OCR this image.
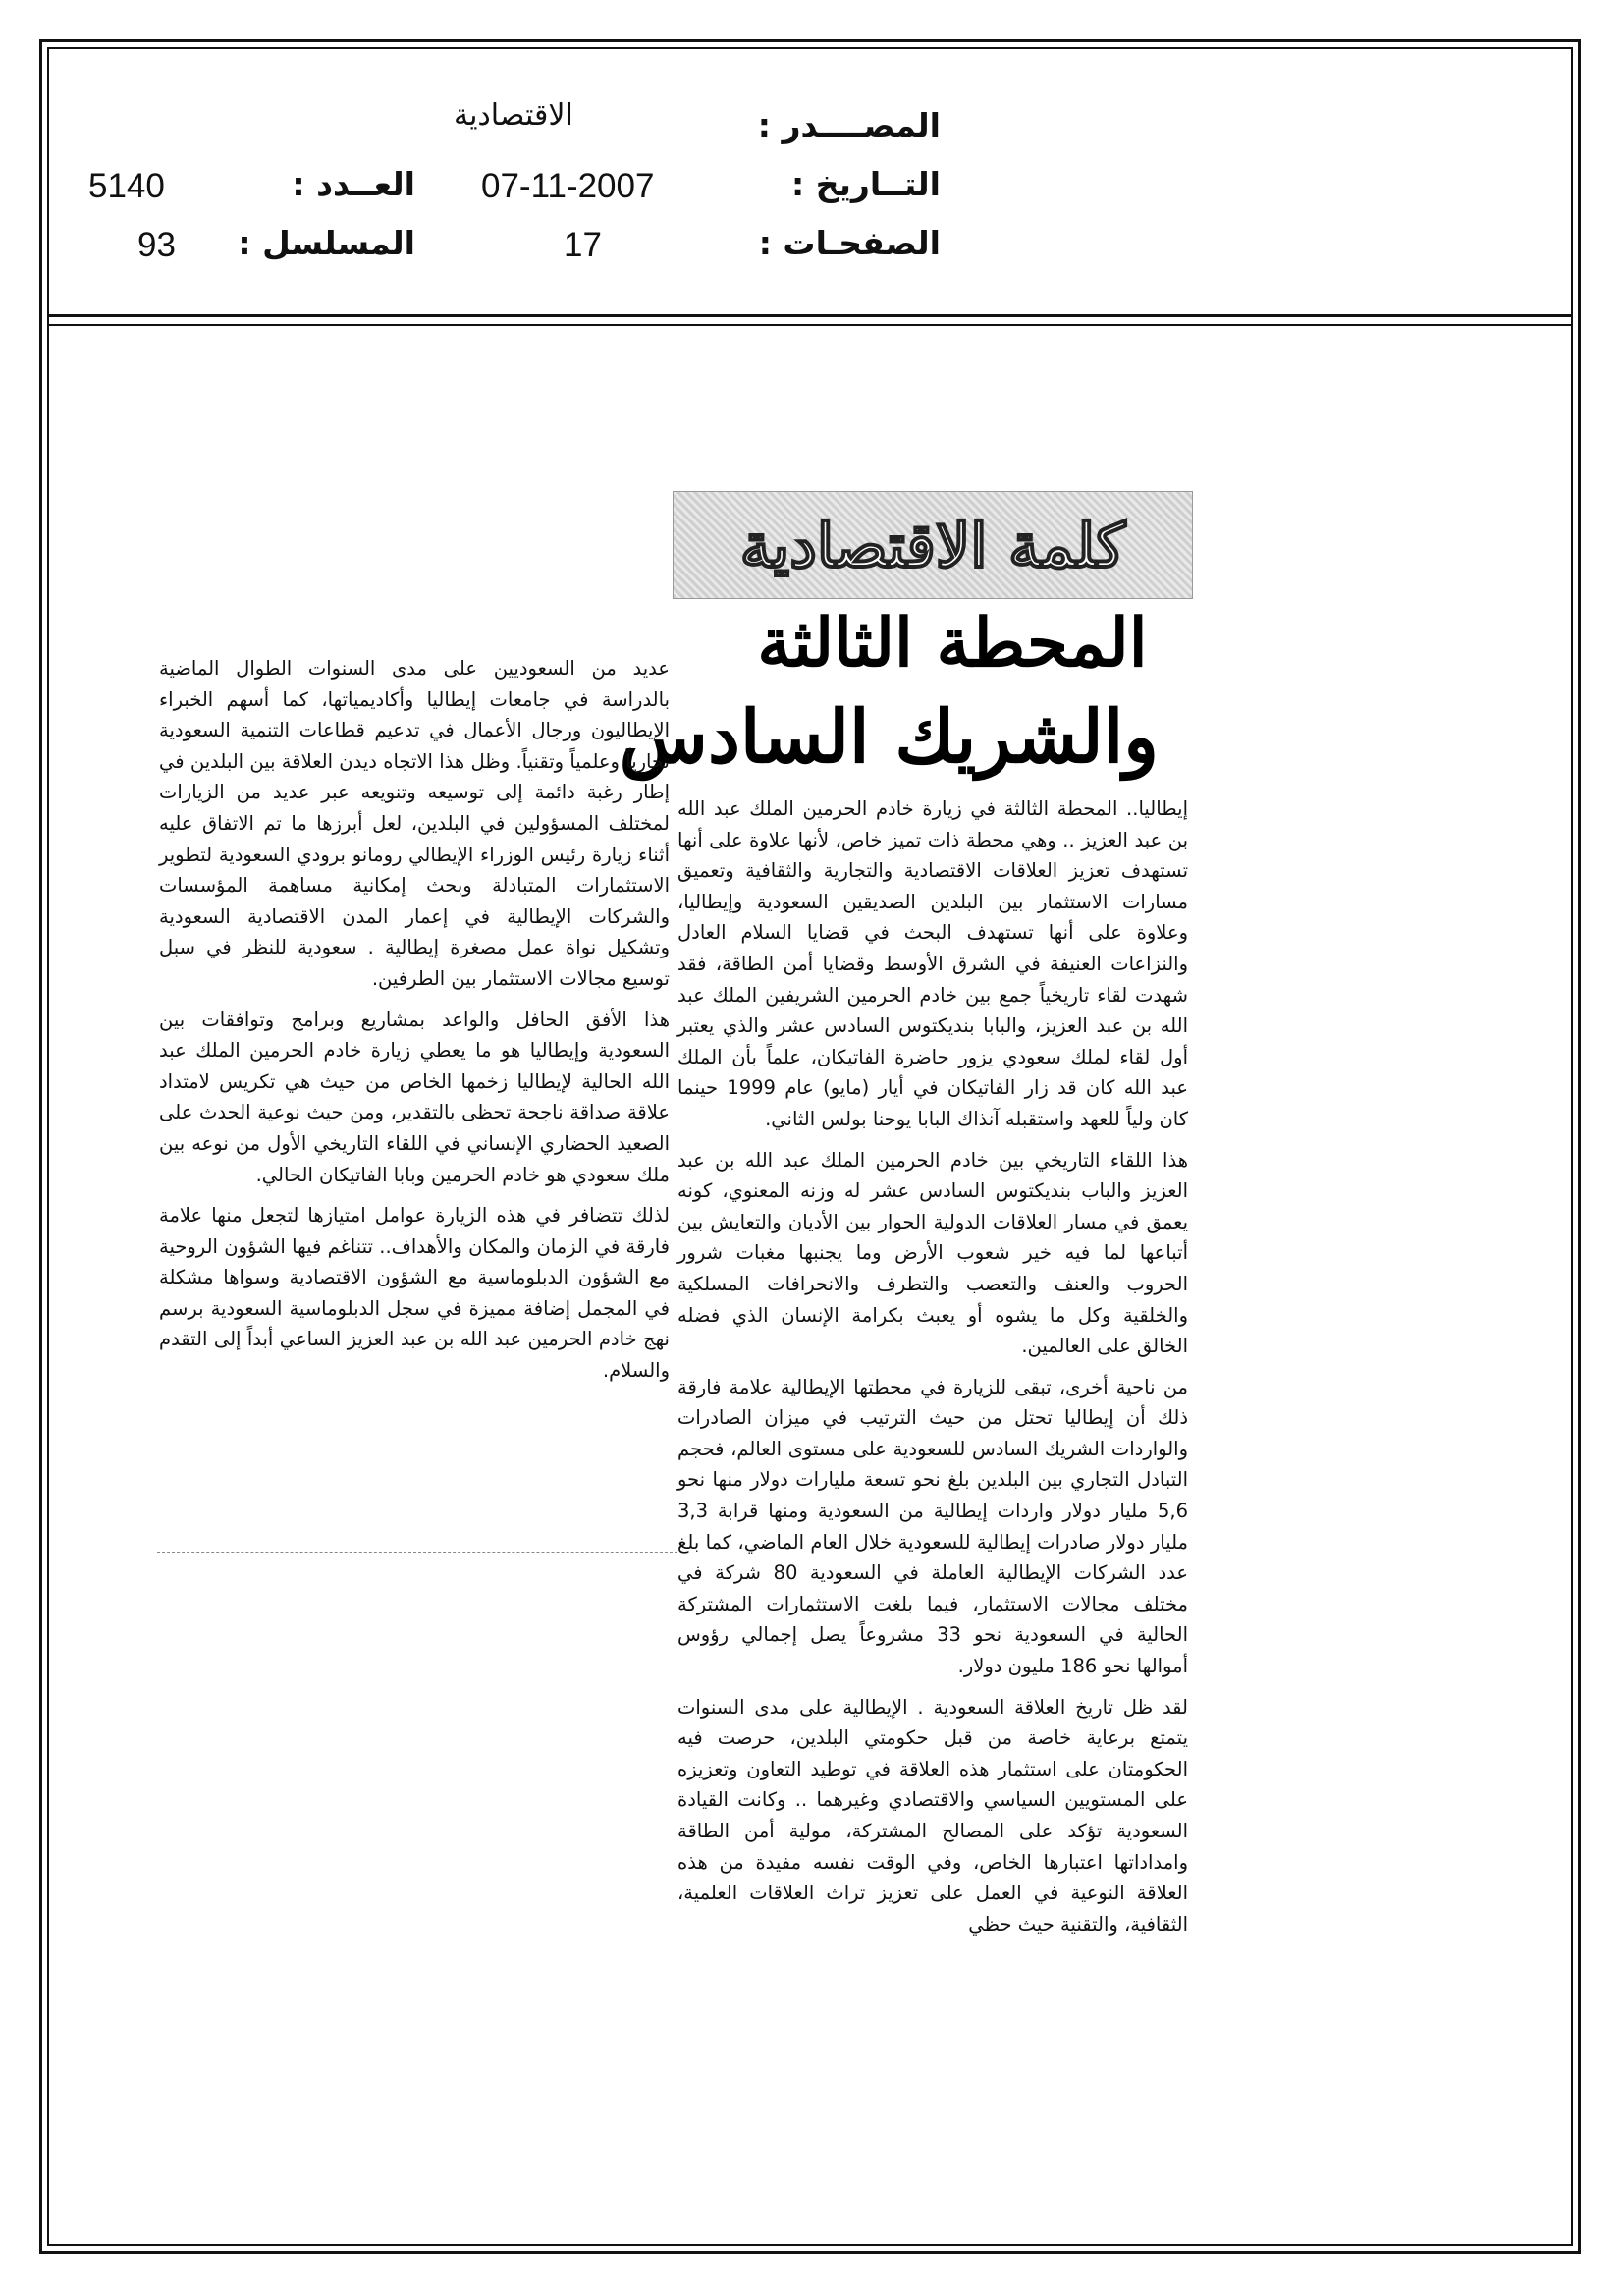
المصــــدر :
الاقتصادية
التــاريخ :
07-11-2007
العــدد :
5140
الصفحـات :
17
المسلسل :
93
كلمة الاقتصادية
المحطة الثالثة
والشريك السادس

إيطاليا.. المحطة الثالثة في زيارة خادم الحرمين الملك عبد الله بن عبد العزيز .. وهي محطة ذات تميز خاص، لأنها علاوة على أنها تستهدف تعزيز العلاقات الاقتصادية والتجارية والثقافية وتعميق مسارات الاستثمار بين البلدين الصديقين السعودية وإيطاليا، وعلاوة على أنها تستهدف البحث في قضايا السلام العادل والنزاعات العنيفة في الشرق الأوسط وقضايا أمن الطاقة، فقد شهدت لقاء تاريخياً جمع بين خادم الحرمين الشريفين الملك عبد الله بن عبد العزيز، والبابا بنديكتوس السادس عشر والذي يعتبر أول لقاء لملك سعودي يزور حاضرة الفاتيكان، علماً بأن الملك عبد الله كان قد زار الفاتيكان في أيار (مايو) عام 1999 حينما كان ولياً للعهد واستقبله آنذاك البابا يوحنا بولس الثاني.

هذا اللقاء التاريخي بين خادم الحرمين الملك عبد الله بن عبد العزيز والباب بنديكتوس السادس عشر له وزنه المعنوي، كونه يعمق في مسار العلاقات الدولية الحوار بين الأديان والتعايش بين أتباعها لما فيه خير شعوب الأرض وما يجنبها مغبات شرور الحروب والعنف والتعصب والتطرف والانحرافات المسلكية والخلقية وكل ما يشوه أو يعبث بكرامة الإنسان الذي فضله الخالق على العالمين.

من ناحية أخرى، تبقى للزيارة في محطتها الإيطالية علامة فارقة ذلك أن إيطاليا تحتل من حيث الترتيب في ميزان الصادرات والواردات الشريك السادس للسعودية على مستوى العالم، فحجم التبادل التجاري بين البلدين بلغ نحو تسعة مليارات دولار منها نحو 5,6 مليار دولار واردات إيطالية من السعودية ومنها قرابة 3,3 مليار دولار صادرات إيطالية للسعودية خلال العام الماضي، كما بلغ عدد الشركات الإيطالية العاملة في السعودية 80 شركة في مختلف مجالات الاستثمار، فيما بلغت الاستثمارات المشتركة الحالية في السعودية نحو 33 مشروعاً يصل إجمالي رؤوس أموالها نحو 186 مليون دولار.

لقد ظل تاريخ العلاقة السعودية . الإيطالية على مدى السنوات يتمتع برعاية خاصة من قبل حكومتي البلدين، حرصت فيه الحكومتان على استثمار هذه العلاقة في توطيد التعاون وتعزيزه على المستويين السياسي والاقتصادي وغيرهما .. وكانت القيادة السعودية تؤكد على المصالح المشتركة، مولية أمن الطاقة وامداداتها اعتبارها الخاص، وفي الوقت نفسه مفيدة من هذه العلاقة النوعية في العمل على تعزيز تراث العلاقات العلمية، الثقافية، والتقنية حيث حظي

عديد من السعوديين على مدى السنوات الطوال الماضية بالدراسة في جامعات إيطاليا وأكاديمياتها، كما أسهم الخبراء الإيطاليون ورجال الأعمال في تدعيم قطاعات التنمية السعودية تجارياً وعلمياً وتقنياً. وظل هذا الاتجاه ديدن العلاقة بين البلدين في إطار رغبة دائمة إلى توسيعه وتنويعه عبر عديد من الزيارات لمختلف المسؤولين في البلدين، لعل أبرزها ما تم الاتفاق عليه أثناء زيارة رئيس الوزراء الإيطالي رومانو برودي السعودية لتطوير الاستثمارات المتبادلة وبحث إمكانية مساهمة المؤسسات والشركات الإيطالية في إعمار المدن الاقتصادية السعودية وتشكيل نواة عمل مصغرة إيطالية . سعودية للنظر في سبل توسيع مجالات الاستثمار بين الطرفين.

هذا الأفق الحافل والواعد بمشاريع وبرامج وتوافقات بين السعودية وإيطاليا هو ما يعطي زيارة خادم الحرمين الملك عبد الله الحالية لإيطاليا زخمها الخاص من حيث هي تكريس لامتداد علاقة صداقة ناجحة تحظى بالتقدير، ومن حيث نوعية الحدث على الصعيد الحضاري الإنساني في اللقاء التاريخي الأول من نوعه بين ملك سعودي هو خادم الحرمين وبابا الفاتيكان الحالي.

لذلك تتضافر في هذه الزيارة عوامل امتيازها لتجعل منها علامة فارقة في الزمان والمكان والأهداف.. تتناغم فيها الشؤون الروحية مع الشؤون الدبلوماسية مع الشؤون الاقتصادية وسواها مشكلة في المجمل إضافة مميزة في سجل الدبلوماسية السعودية برسم نهج خادم الحرمين عبد الله بن عبد العزيز الساعي أبداً إلى التقدم والسلام.
